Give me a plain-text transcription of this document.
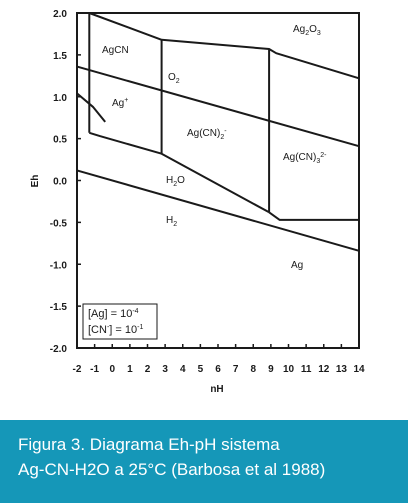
-2 -1 0 1 2 3 4 5 6 7 8 9 10 11 12 13 14
2.0
1.5
1.0
0.5
0.0
-0.5
-1.0
-1.5
-2.0
nH
Eh
$Ag_2O_3$
AgCN
$O_2$
Ag+
$Ag(CN)_2^-$
$Ag(CN)_3^{2-}$
$H_2O$
$H_2$
Ag
$[Ag] = 10^{-4}$
$[CN^-] = 10^{-1}$
Figura 3. Diagrama Eh-pH sistema
Ag-CN-H2O a 25°C (Barbosa et al 1988)
